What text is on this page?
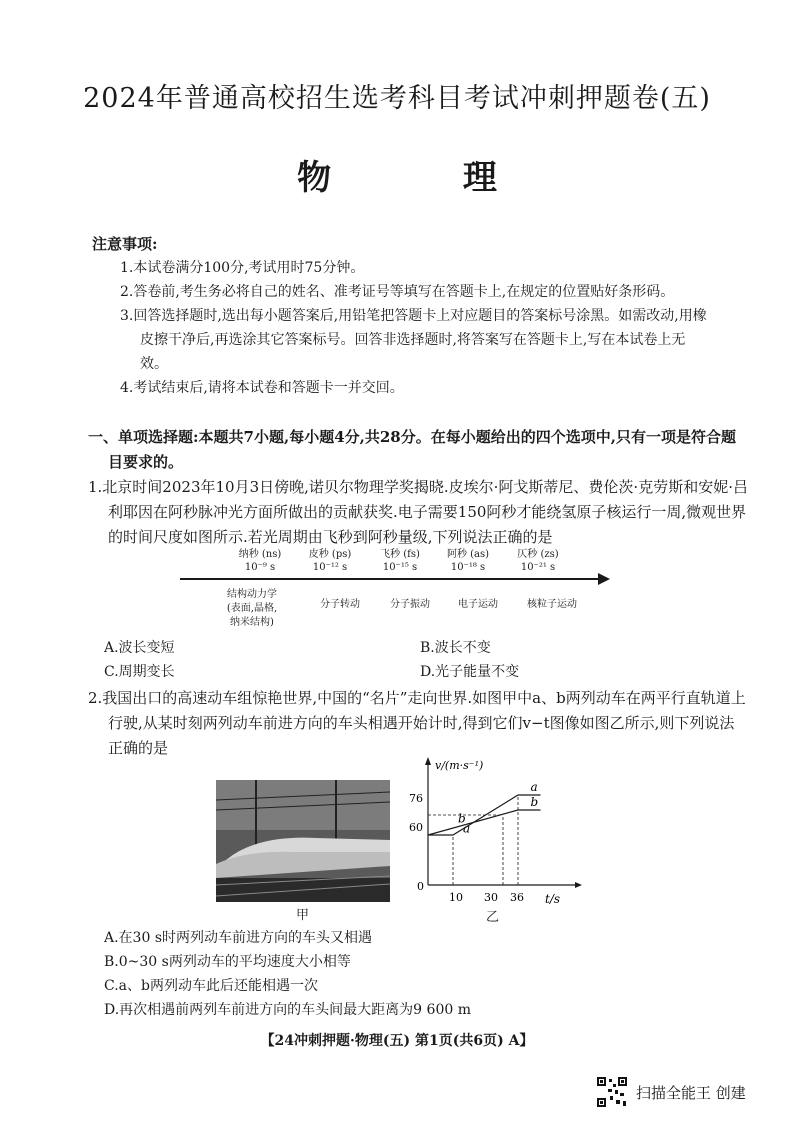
2024年普通高校招生选考科目考试冲刺押题卷(五)
物 理
注意事项:
1.本试卷满分100分,考试用时75分钟。
2.答卷前,考生务必将自己的姓名、准考证号等填写在答题卡上,在规定的位置贴好条形码。
3.回答选择题时,选出每小题答案后,用铅笔把答题卡上对应题目的答案标号涂黑。如需改动,用橡皮擦干净后,再选涂其它答案标号。回答非选择题时,将答案写在答题卡上,写在本试卷上无效。
4.考试结束后,请将本试卷和答题卡一并交回。
一、单项选择题:本题共7小题,每小题4分,共28分。在每小题给出的四个选项中,只有一项是符合题目要求的。
1.北京时间2023年10月3日傍晚,诺贝尔物理学奖揭晓.皮埃尔·阿戈斯蒂尼、费伦茨·克劳斯和安妮·吕利耶因在阿秒脉冲光方面所做出的贡献获奖.电子需要150阿秒才能绕氢原子核运行一周,微观世界的时间尺度如图所示.若光周期由飞秒到阿秒量级,下列说法正确的是
纳秒 (ns)
10⁻⁹ s
皮秒 (ps)
10⁻¹² s
飞秒 (fs)
10⁻¹⁵ s
阿秒 (as)
10⁻¹⁸ s
仄秒 (zs)
10⁻²¹ s
结构动力学(表面,晶格,纳米结构)
分子转动	分子振动	电子运动	核粒子运动
A.波长变短	B.波长不变
C.周期变长	D.光子能量不变
2.我国出口的高速动车组惊艳世界,中国的“名片”走向世界.如图甲中a、b两列动车在两平行直轨道上行驶,从某时刻两列动车前进方向的车头相遇开始计时,得到它们v−t图像如图乙所示,则下列说法正确的是
甲
v/(m·s⁻¹)
t/s
0
10 30 36
60
76
a
b
b
a
乙
A.在30 s时两列动车前进方向的车头又相遇
B.0~30 s两列动车的平均速度大小相等
C.a、b两列动车此后还能相遇一次
D.再次相遇前两列车前进方向的车头间最大距离为9 600 m
【24冲刺押题·物理(五) 第1页(共6页) A】
扫描全能王 创建
